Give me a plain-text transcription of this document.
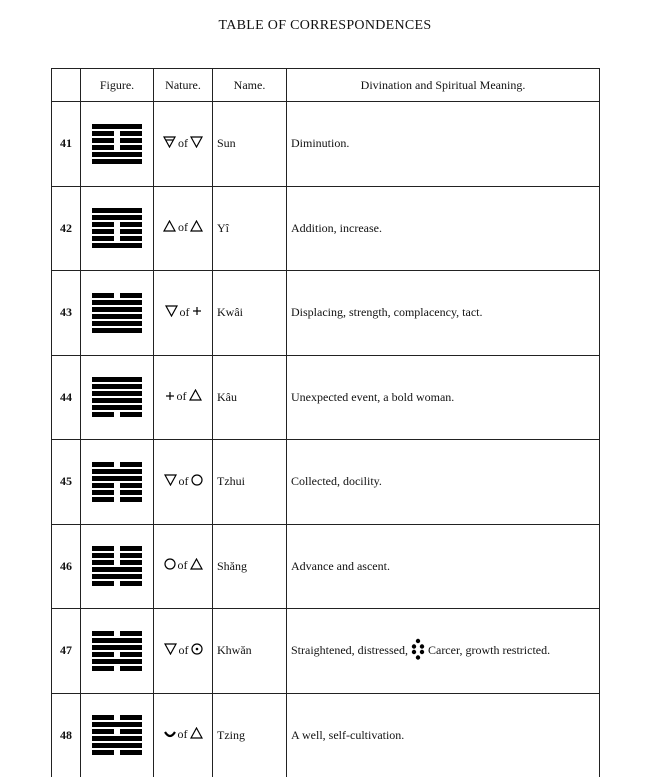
TABLE OF CORRESPONDENCES
	Figure.	Nature.	Name.	Divination and Spiritual Meaning.
41		of	Sun	Diminution.
42		of	Yî	Addition, increase.
43		of	Kwâi	Displacing, strength, complacency, tact.
44		of	Kâu	Unexpected event, a bold woman.
45		of	Tzhui	Collected, docility.
46		of	Shăng	Advance and ascent.
47		of	Khwăn	Straightened, distressed, Carcer, growth restricted.
48		of	Tzing	A well, self-cultivation.
